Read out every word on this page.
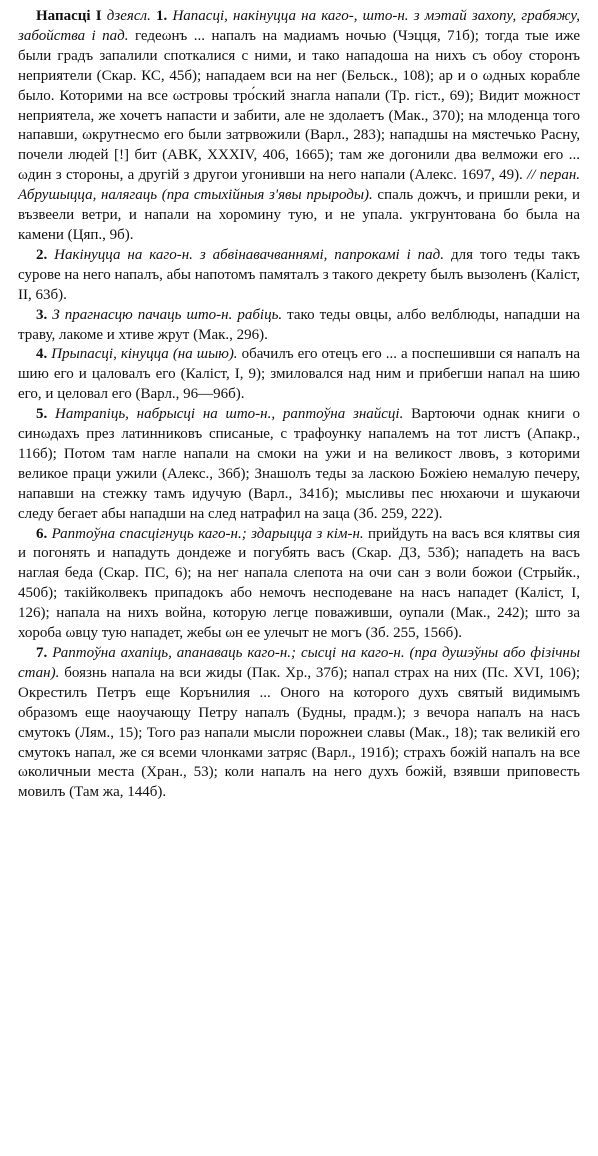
Напасці I дзеясл. 1. Напасці, накінуцца на каго-, што-н. з мэтай захопу, грабяжу, забойства і пад. гедеωнъ ... напалъ на мадиамъ ночью (Чэцця, 71б); тогда тые иже были градъ запалили споткалися с ними, и тако нападоша на нихъ съ обоу сторонъ неприятели (Скар. КС, 45б); нападаем вси на нег (Бельск., 108); ар и о ωдных корабле было. Которими на все ωстровы тро́ский знагла напали (Тр. гіст., 69); Видит можност неприятела, же хочетъ напасти и забити, але не здолаетъ (Мак., 370); на млоденца того напавши, ωкрутнесмо его были затрвожили (Варл., 283); нападшы на мястечько Расну, почели людей [!] бит (АВК, XXXIV, 406, 1665); там же догонили два велможи его ... ωдин з стороны, а другій з другои угонивши на него напали (Алекс. 1697, 49). // перан. Абрушыцца, налягаць (пра стыхійныя з'явы прыроды). спаль дожчъ, и пришли реки, и възвеели ветри, и напали на хоромину тую, и не упала. укгрунтована бо была на камени (Цяп., 9б).

2. Накінуцца на каго-н. з абвінавачваннямі, папрокамі і пад. для того теды такъ сурове на него напалъ, абы напотомъ памяталъ з такого декрету былъ вызоленъ (Каліст, II, 63б).

3. З прагнасцю пачаць што-н. рабіць. тако теды овцы, албо велблюды, нападши на траву, лакоме и хтиве жрут (Мак., 296).

4. Прыпасці, кінуцца (на шыю). обачилъ его отецъ его ... а поспешивши ся напалъ на шию его и цаловалъ его (Каліст, I, 9); змиловался над ним и прибегши напал на шию его, и целовал его (Варл., 96—96б).

5. Натрапіць, набрысці на што-н., раптоўна знайсці. Вартоючи однак книги о синωдахъ през латинниковъ списаные, с трафоунку напалемъ на тот листъ (Апакр., 116б); Потом там нагле напали на смоки на ужи и на великост лвовъ, з которими великое праци ужили (Алекс., 36б); Знашолъ теды за ласкою Божіею немалую печеру, напавши на стежку тамъ идучую (Варл., 341б); мысливы пес нюхаючи и шукаючи следу бегает абы нападши на след натрафил на заца (Зб. 259, 222).

6. Раптоўна спасцігнуць каго-н.; здарыцца з кім-н. прийдуть на васъ вся клятвы сия и погонять и нападуть дондеже и погубять васъ (Скар. ДЗ, 53б); нападеть на васъ наглая беда (Скар. ПС, 6); на нег напала слепота на очи сан з воли божои (Стрыйк., 450б); такійколвекъ припадокъ або немочъ несподеване на насъ нападет (Каліст, I, 126); напала на нихъ война, которую легце поваживши, оупали (Мак., 242); што за хороба ωвцу тую нападет, жебы ωн ее улечыт не могъ (Зб. 255, 156б).

7. Раптоўна ахапіць, апанаваць каго-н.; сысці на каго-н. (пра душэўны або фізічны стан). боязнь напала на вси жиды (Пак. Хр., 37б); напал страх на них (Пс. XVI, 106); Окрестилъ Петръ еще Корънилия ... Оного на которого духъ святый видимымъ образомъ еще наоучающу Петру напалъ (Будны, прадм.); з вечора напалъ на насъ смутокъ (Лям., 15); Того раз напали мысли порожнеи славы (Мак., 18); так великій его смутокъ напал, же ся всеми члонками затряс (Варл., 191б); страхъ божій напалъ на все ωколичныи места (Хран., 53); коли напалъ на него духъ божій, взявши приповесть мовилъ (Там жа, 144б).
